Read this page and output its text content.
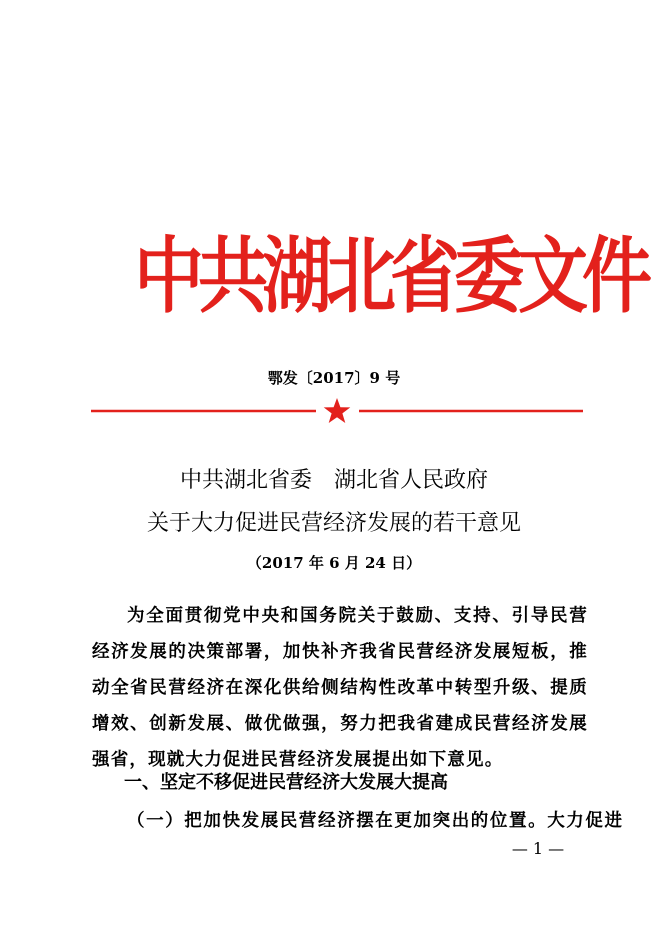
中共湖北省委文件
鄂发〔2017〕9 号
中共湖北省委　湖北省人民政府
关于大力促进民营经济发展的若干意见
（2017 年 6 月 24 日）

为全面贯彻党中央和国务院关于鼓励、支持、引导民营经济发展的决策部署，加快补齐我省民营经济发展短板，推动全省民营经济在深化供给侧结构性改革中转型升级、提质增效、创新发展、做优做强，努力把我省建成民营经济发展强省，现就大力促进民营经济发展提出如下意见。

一、坚定不移促进民营经济大发展大提高

（一）把加快发展民营经济摆在更加突出的位置。大力促进

— 1 —
